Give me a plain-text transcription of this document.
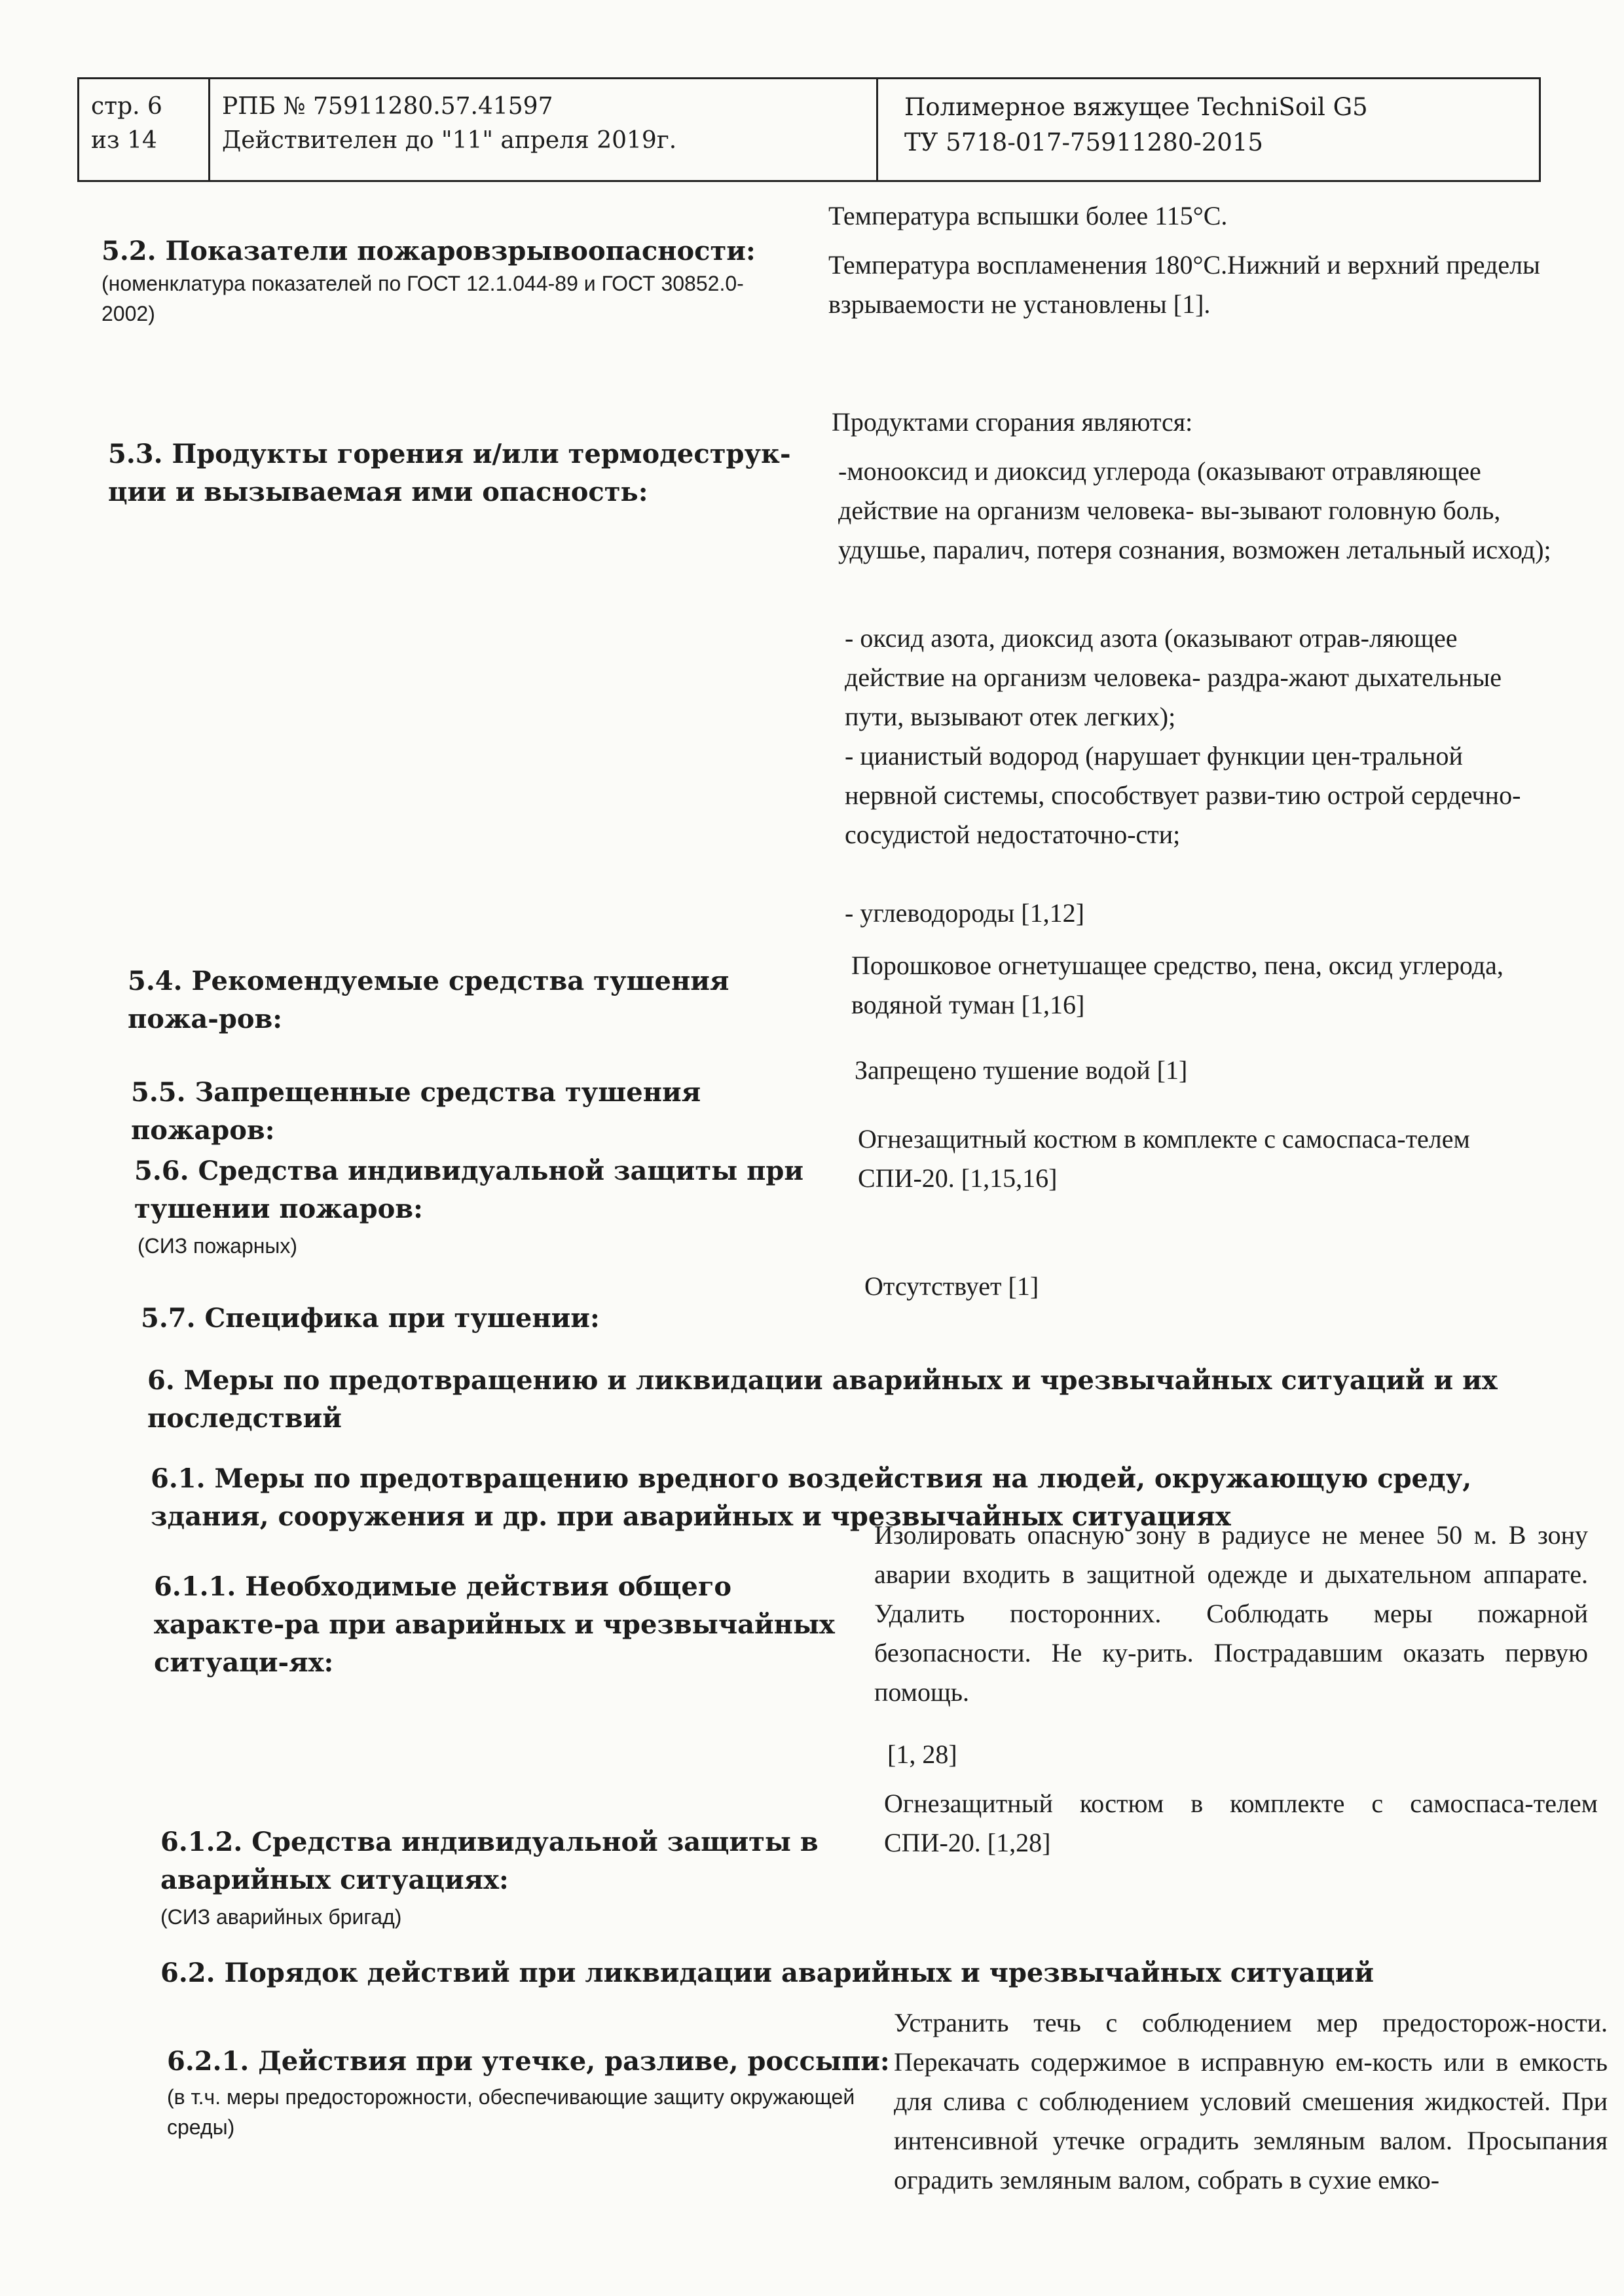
стр. 6
из 14
РПБ № 75911280.57.41597
Действителен до "11" апреля 2019г.
Полимерное вяжущее TechniSoil G5
ТУ 5718-017-75911280-2015
5.2. Показатели пожаровзрывоопасности:
(номенклатура показателей по ГОСТ 12.1.044-89 и ГОСТ 30852.0-2002)
Температура вспышки более 115°С.
Температура воспламенения 180°С.Нижний и верхний пределы взрываемости не установлены [1].
5.3. Продукты горения и/или термодеструк-ции и вызываемая ими опасность:
Продуктами сгорания являются:
-монооксид и диоксид углерода (оказывают отравляющее действие на организм человека- вы-зывают головную боль, удушье, паралич, потеря сознания, возможен летальный исход);
- оксид азота, диоксид азота (оказывают отрав-ляющее действие на организм человека- раздра-жают дыхательные пути, вызывают отек легких);
- цианистый водород (нарушает функции цен-тральной нервной системы, способствует разви-тию острой сердечно-сосудистой недостаточно-сти;
- углеводороды [1,12]
5.4. Рекомендуемые средства тушения пожа-ров:
Порошковое огнетушащее средство, пена, оксид углерода, водяной туман [1,16]
5.5. Запрещенные средства тушения пожаров:
Запрещено тушение водой [1]
5.6. Средства индивидуальной защиты при тушении пожаров:
(СИЗ пожарных)
Огнезащитный костюм в комплекте с самоспаса-телем СПИ-20. [1,15,16]
5.7. Специфика при тушении:
Отсутствует [1]
6. Меры по предотвращению и ликвидации аварийных и чрезвычайных ситуаций и их последствий
6.1. Меры по предотвращению вредного воздействия на людей, окружающую среду, здания, сооружения и др. при аварийных и чрезвычайных ситуациях
6.1.1. Необходимые действия общего характе-ра при аварийных и чрезвычайных ситуаци-ях:
Изолировать опасную зону в радиусе не менее 50 м. В зону аварии входить в защитной одежде и дыхательном аппарате. Удалить посторонних. Соблюдать меры пожарной безопасности. Не ку-рить. Пострадавшим оказать первую помощь.
[1, 28]
6.1.2. Средства индивидуальной защиты в аварийных ситуациях:
(СИЗ аварийных бригад)
Огнезащитный костюм в комплекте с самоспаса-телем СПИ-20. [1,28]
6.2. Порядок действий при ликвидации аварийных и чрезвычайных ситуаций
6.2.1. Действия при утечке, разливе, россыпи:
(в т.ч. меры предосторожности, обеспечивающие защиту окружающей среды)
Устранить течь с соблюдением мер предосторож-ности. Перекачать содержимое в исправную ем-кость или в емкость для слива с соблюдением условий смешения жидкостей. При интенсивной утечке оградить земляным валом. Просыпания оградить земляным валом, собрать в сухие емко-
